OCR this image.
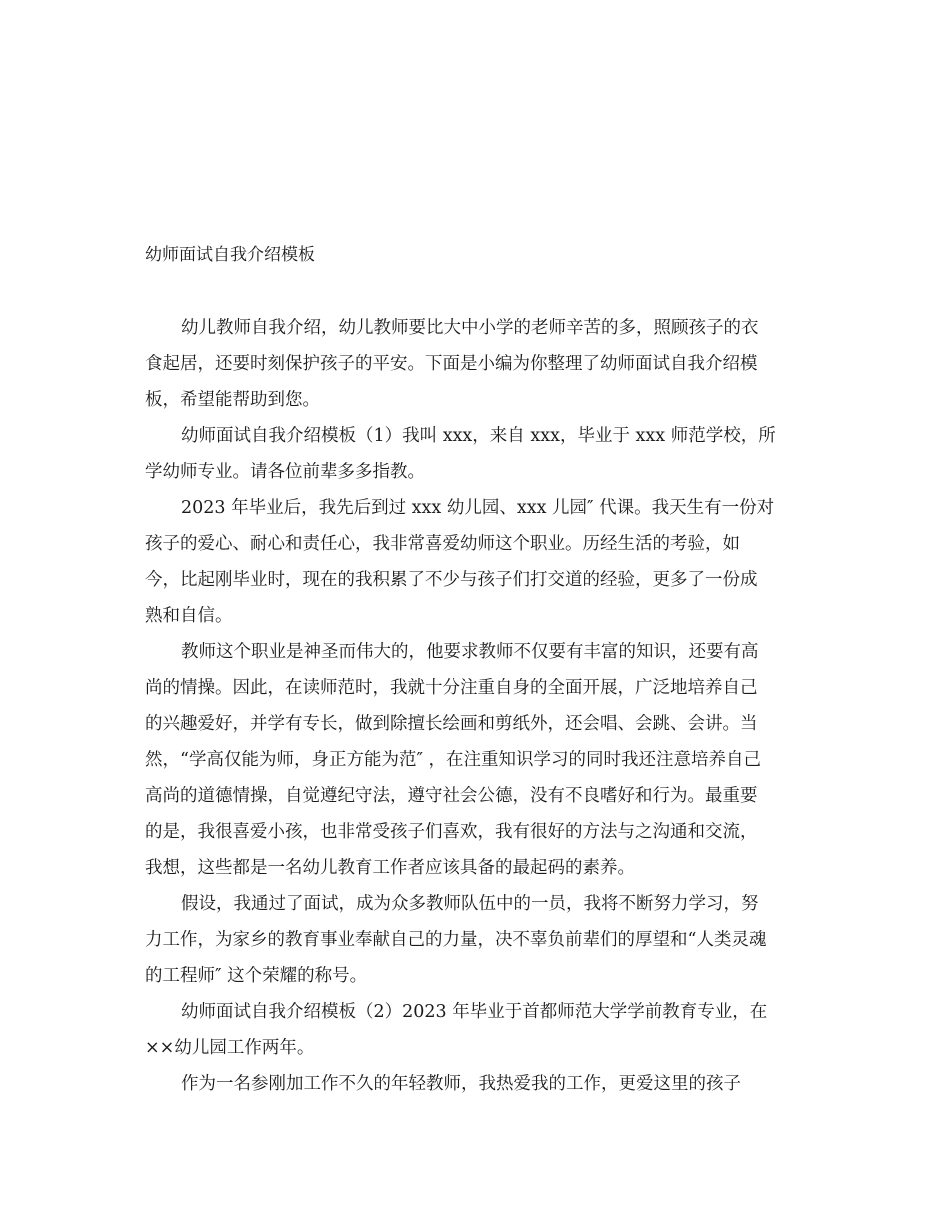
幼师面试自我介绍模板
幼儿教师自我介绍，幼儿教师要比大中小学的老师辛苦的多，照顾孩子的衣
食起居，还要时刻保护孩子的平安。下面是小编为你整理了幼师面试自我介绍模
板，希望能帮助到您。
幼师面试自我介绍模板（1）我叫 xxx，来自 xxx，毕业于 xxx 师范学校，所
学幼师专业。请各位前辈多多指教。
2023 年毕业后，我先后到过 xxx 幼儿园、xxx 儿园″ 代课。我天生有一份对
孩子的爱心、耐心和责任心，我非常喜爱幼师这个职业。历经生活的考验，如
今，比起刚毕业时，现在的我积累了不少与孩子们打交道的经验，更多了一份成
熟和自信。
教师这个职业是神圣而伟大的，他要求教师不仅要有丰富的知识，还要有高
尚的情操。因此，在读师范时，我就十分注重自身的全面开展，广泛地培养自己
的兴趣爱好，并学有专长，做到除擅长绘画和剪纸外，还会唱、会跳、会讲。当
然，“学高仅能为师，身正方能为范″ ，在注重知识学习的同时我还注意培养自己
高尚的道德情操，自觉遵纪守法，遵守社会公德，没有不良嗜好和行为。最重要
的是，我很喜爱小孩，也非常受孩子们喜欢，我有很好的方法与之沟通和交流，
我想，这些都是一名幼儿教育工作者应该具备的最起码的素养。
假设，我通过了面试，成为众多教师队伍中的一员，我将不断努力学习，努
力工作，为家乡的教育事业奉献自己的力量，决不辜负前辈们的厚望和“人类灵魂
的工程师″ 这个荣耀的称号。
幼师面试自我介绍模板（2）2023 年毕业于首都师范大学学前教育专业，在
××幼儿园工作两年。
作为一名参刚加工作不久的年轻教师，我热爱我的工作，更爱这里的孩子
